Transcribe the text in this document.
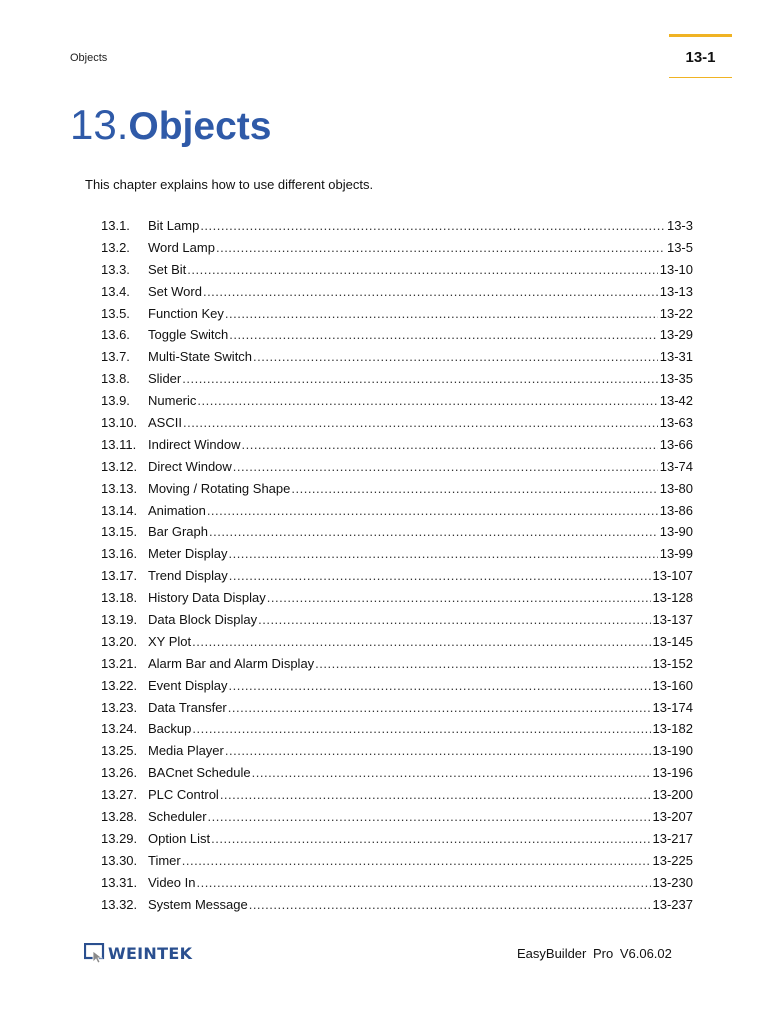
Objects	13-1
13.Objects
This chapter explains how to use different objects.
13.1.	Bit Lamp .....	13-3
13.2.	Word Lamp .....	13-5
13.3.	Set Bit .....	13-10
13.4.	Set Word .....	13-13
13.5.	Function Key .....	13-22
13.6.	Toggle Switch .....	13-29
13.7.	Multi-State Switch .....	13-31
13.8.	Slider .....	13-35
13.9.	Numeric .....	13-42
13.10. ASCII .....	13-63
13.11. Indirect Window .....	13-66
13.12. Direct Window .....	13-74
13.13. Moving / Rotating Shape .....	13-80
13.14. Animation .....	13-86
13.15. Bar Graph .....	13-90
13.16. Meter Display .....	13-99
13.17. Trend Display .....	13-107
13.18. History Data Display .....	13-128
13.19. Data Block Display .....	13-137
13.20. XY Plot .....	13-145
13.21. Alarm Bar and Alarm Display .....	13-152
13.22. Event Display .....	13-160
13.23. Data Transfer .....	13-174
13.24. Backup .....	13-182
13.25. Media Player .....	13-190
13.26. BACnet Schedule .....	13-196
13.27. PLC Control .....	13-200
13.28. Scheduler .....	13-207
13.29. Option List .....	13-217
13.30. Timer .....	13-225
13.31. Video In .....	13-230
13.32. System Message .....	13-237
WEINTEK	EasyBuilder Pro V6.06.02
